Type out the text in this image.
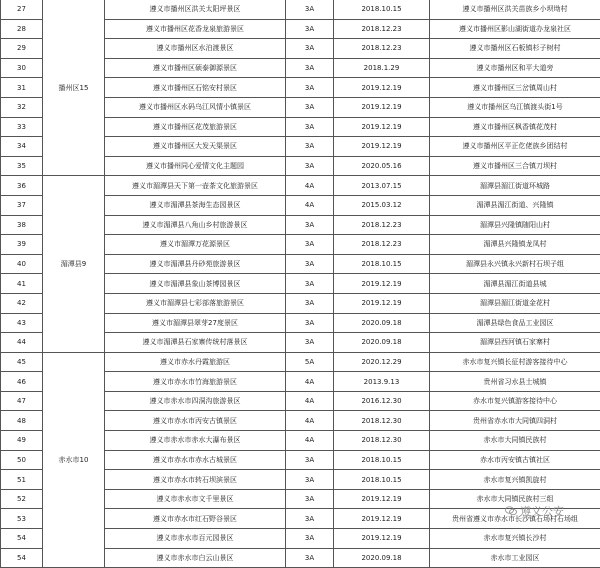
27	播州区15	遵义市播州区洪关太阳坪景区	3A	2018.10.15	遵义市播州区洪关苗族乡小坝坳村
28		遵义市播州区花香龙泉旅游景区	3A	2018.12.23	遵义市播州区影山湖街道办龙泉社区
29		遵义市播州区水泊渡景区	3A	2018.12.23	遵义市播州区石板镇杉子树村
30		遵义市播州区硕泰御源景区	3A	2018.1.29	遵义市播州区和平大道旁
31		遵义市播州区石铭安村景区	3A	2019.12.19	遵义市播州区三岔镇周山村
32		遵义市播州区水码乌江风情小镇景区	3A	2019.12.19	遵义市播州区乌江镇渡头街1号
33		遵义市播州区花茂旅游景区	3A	2019.12.19	遵义市播州区枫香镇花茂村
34		遵义市播州区大发天渠景区	3A	2019.12.19	遵义市播州区平正仡佬族乡团结村
35		遵义市播州同心爱情文化主题园	3A	2020.05.16	遵义市播州区三合镇刀坝村
36	湄潭县9	遵义市湄潭县天下第一壶茶文化旅游景区	4A	2013.07.15	湄潭县湄江街道环城路
37		遵义市湄潭县茶海生态园景区	4A	2015.03.12	湄潭县湄江街道、兴隆镇
38		遵义市湄潭县八角山乡村旅游景区	3A	2018.12.23	湄潭县兴隆镇随阳山村
39		遵义市湄潭万花源景区	3A	2018.12.23	湄潭县兴隆镇龙凤村
40		遵义市湄潭县丹砂苑旅游景区	3A	2018.10.15	湄潭县永兴镇永兴新村石坝子组
41		遵义市湄潭县象山茶博园景区	3A	2019.12.19	湄潭县湄江街道县城
42		遵义市湄潭县七彩部落旅游景区	3A	2019.12.19	湄潭县湄江街道金花村
43		遵义市湄潭县翠芽27度景区	3A	2020.09.18	湄潭县绿色食品工业园区
44		遵义市湄潭县石家寨传统村落景区	3A	2020.09.18	湄潭县西河镇石家寨村
45	赤水市10	遵义市赤水丹霞旅游区	5A	2020.12.29	赤水市复兴镇长征村游客接待中心
46		遵义市赤水市竹海旅游景区	4A	2013.9.13	贵州省习水县土城镇
47		遵义市赤水市四洞沟旅游景区	4A	2016.12.30	赤水市复兴镇游客接待中心
48		遵义市赤水市丙安古镇景区	4A	2018.12.30	贵州省赤水市大同镇四洞村
49		遵义市赤水市赤水大瀑布景区	4A	2018.12.30	赤水市大同镇民族村
50		遵义市赤水市赤水古城景区	3A	2018.10.15	赤水市丙安镇古镇社区
51		遵义市赤水市转石坝滨景区	3A	2018.10.15	赤水市复兴镇凯旋村
52		遵义市赤水市文千里景区	3A	2019.12.19	赤水市大同镇民族村三组
53		遵义市赤水市红石野谷景区	3A	2019.12.19	贵州省遵义市赤水市长沙镇石场村石场组
54		遵义市赤水市百元园景区	3A	2019.12.19	赤水市复兴镇长沙村
54		遵义市赤水市白云山景区	3A	2020.09.18	赤水市工业园区
遵义公安
